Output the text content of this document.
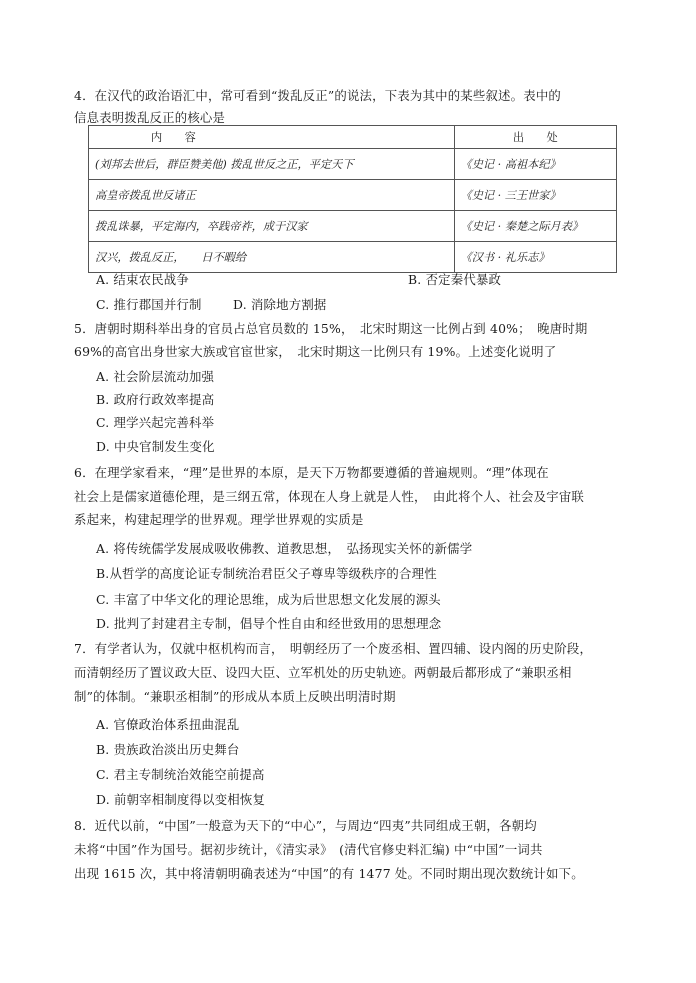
4．在汉代的政治语汇中，常可看到“拨乱反正”的说法，下表为其中的某些叙述。表中的
信息表明拨乱反正的核心是
内　　容	出　　处
(刘邦去世后，群臣赞美他) 拨乱世反之正，平定天下	《史记 · 高祖本纪》
高皇帝拨乱世反诸正	《史记 · 三王世家》
拨乱诛暴，平定海内，卒践帝祚，成于汉家	《史记 · 秦楚之际月表》
汉兴，拨乱反正，　　日不暇给	《汉书 · 礼乐志》
A. 结束农民战争	B. 否定秦代暴政
C. 推行郡国并行制	D. 消除地方割据
5．唐朝时期科举出身的官员占总官员数的 15%，　北宋时期这一比例占到 40%；　晚唐时期
69%的高官出身世家大族或官宦世家，　北宋时期这一比例只有 19%。上述变化说明了
A. 社会阶层流动加强
B. 政府行政效率提高
C. 理学兴起完善科举
D. 中央官制发生变化
6．在理学家看来，“理”是世界的本原，是天下万物都要遵循的普遍规则。“理”体现在
社会上是儒家道德伦理，是三纲五常，体现在人身上就是人性，　由此将个人、社会及宇宙联
系起来，构建起理学的世界观。理学世界观的实质是
A. 将传统儒学发展成吸收佛教、道教思想，　弘扬现实关怀的新儒学
B.从哲学的高度论证专制统治君臣父子尊卑等级秩序的合理性
C. 丰富了中华文化的理论思维，成为后世思想文化发展的源头
D. 批判了封建君主专制，倡导个性自由和经世致用的思想理念
7．有学者认为，仅就中枢机构而言，　明朝经历了一个废丞相、置四辅、设内阁的历史阶段，
而清朝经历了置议政大臣、设四大臣、立军机处的历史轨迹。两朝最后都形成了“兼职丞相
制”的体制。“兼职丞相制”的形成从本质上反映出明清时期
A. 官僚政治体系扭曲混乱
B. 贵族政治淡出历史舞台
C. 君主专制统治效能空前提高
D. 前朝宰相制度得以变相恢复
8．近代以前，“中国”一般意为天下的“中心”，与周边“四夷”共同组成王朝，各朝均
未将“中国”作为国号。据初步统计，《清实录》　(清代官修史料汇编) 中“中国”一词共
出现 1615 次，其中将清朝明确表述为“中国”的有 1477 处。不同时期出现次数统计如下。
